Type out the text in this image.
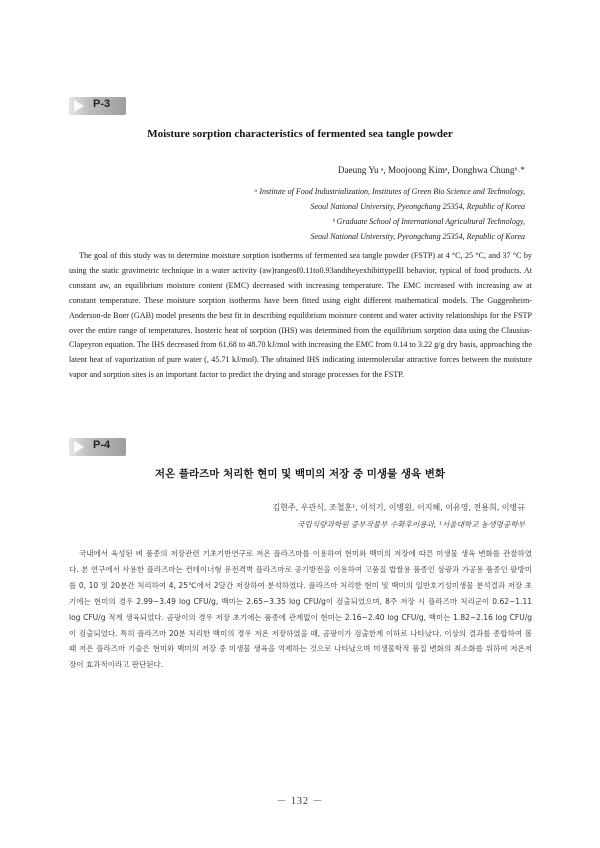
P-3
Moisture sorption characteristics of fermented sea tangle powder
Daeung Yu ᵃ, Moojoong Kimᵃ, Donghwa Chungᵇ˒*
ᵃ Institute of Food Industrialization, Institutes of Green Bio Science and Technology,
Seoul National University, Pyeongchang 25354, Republic of Korea
ᵇ Graduate School of International Agricultural Technology,
Seoul National University, Pyeongchang 25354, Republic of Korea
The goal of this study was to determine moisture sorption isotherms of fermented sea tangle powder (FSTP) at 4 °C, 25 °C, and 37 °C by using the static gravimetric technique in a water activity (aw)rangeof0.11to0.93andtheyexhibittypeIII behavior, typical of food products. At constant aw, an equilibrium moisture content (EMC) decreased with increasing temperature. The EMC increased with increasing aw at constant temperature. These moisture sorption isotherms have been fitted using eight different mathematical models. The Guggenheim-Anderson-de Boer (GAB) model presents the best fit in describing equilibrium moisture content and water activity relationships for the FSTP over the entire range of temperatures. Isosteric heat of sorption (IHS) was determined from the equilibrium sorption data using the Clausius-Clapeyron equation. The IHS decreased from 61.68 to 48.70 kJ/mol with increasing the EMC from 0.14 to 3.22 g/g dry basis, approaching the latent heat of vaporization of pure water (, 45.71 kJ/mol). The obtained IHS indicating intermolecular attractive forces between the moisture vapor and sorption sites is an important factor to predict the drying and storage processes for the FSTP.
P-4
저온 플라즈마 처리한 현미 및 백미의 저장 중 미생물 생육 변화
김현주, 우관식, 조철훈¹, 이석기, 이병원, 이지혜, 이유영, 전용희, 이병규
국립식량과학원 중부작물부 수확후이용과, ¹서울대학교 농생명공학부
국내에서 육성된 벼 품종의 저장관련 기초기반연구로 저온 플라즈마를 이용하여 현미와 백미의 저장에 따른 미생물 생육 변화를 관찰하였다. 본 연구에서 사용한 플라즈마는 컨테이너형 유전격벽 플라즈마로 공기방전을 이용하여 고품질 밥쌀용 품종인 삼광과 가공용 품종인 팔방미를 0, 10 및 20분간 처리하여 4, 25℃에서 2달간 저장하여 분석하였다. 플라즈마 처리한 현미 및 백미의 일반호기성미생물 분석결과 저장 초기에는 현미의 경우 2.99~3.49 log CFU/g, 백미는 2.65~3.35 log CFU/g이 검출되었으며, 8주 저장 시 플라즈마 처리군이 0.62~1.11 log CFU/g 적게 생육되었다. 곰팡이의 경우 저장 초기에는 품종에 관계없이 현미는 2.16~2.40 log CFU/g, 백미는 1.82~2.16 log CFU/g이 검출되었다. 특히 플라즈마 20분 처리한 백미의 경우 저온 저장하였을 때, 곰팡이가 검출한계 이하로 나타났다. 이상의 결과를 종합하여 볼 때 저온 플라즈마 기술은 현미와 백미의 저장 중 미생물 생육을 억제하는 것으로 나타났으며 미생물학적 품질 변화의 최소화를 위하여 저온저장이 효과적이라고 판단된다.
－ 132 －
